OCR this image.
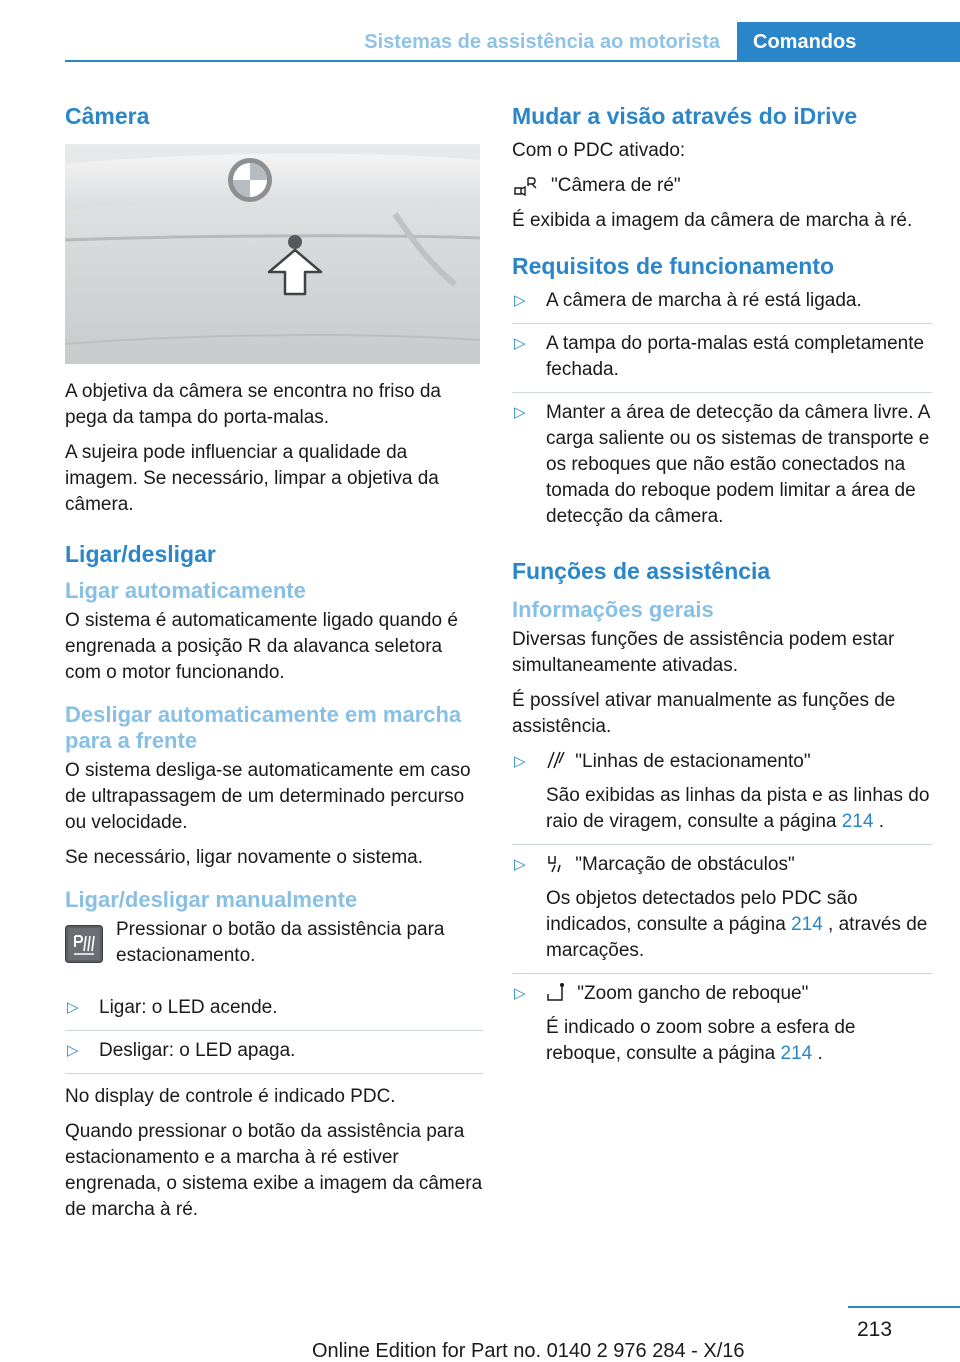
Sistemas de assistência ao motorista	Comandos
Câmera

A objetiva da câmera se encontra no friso da pega da tampa do porta-malas.

A sujeira pode influenciar a qualidade da imagem. Se necessário, limpar a objetiva da câmera.

Ligar/desligar
Ligar automaticamente

O sistema é automaticamente ligado quando é engrenada a posição R da alavanca seletora com o motor funcionando.

Desligar automaticamente em marcha para a frente

O sistema desliga-se automaticamente em caso de ultrapassagem de um determinado percurso ou velocidade.

Se necessário, ligar novamente o sistema.

Ligar/desligar manualmente

Pressionar o botão da assistência para estacionamento.

▷ Ligar: o LED acende.
▷ Desligar: o LED apaga.

No display de controle é indicado PDC.

Quando pressionar o botão da assistência para estacionamento e a marcha à ré estiver engrenada, o sistema exibe a imagem da câmera de marcha à ré.

Mudar a visão através do iDrive

Com o PDC ativado:

"Câmera de ré"

É exibida a imagem da câmera de marcha à ré.

Requisitos de funcionamento
▷ A câmera de marcha à ré está ligada.
▷ A tampa do porta-malas está completamente fechada.
▷ Manter a área de detecção da câmera livre. A carga saliente ou os sistemas de transporte e os reboques que não estão conectados na tomada do reboque podem limitar a área de detecção da câmera.
Funções de assistência
Informações gerais

Diversas funções de assistência podem estar simultaneamente ativadas.

É possível ativar manualmente as funções de assistência.

▷	"Linhas de estacionamento"
São exibidas as linhas da pista e as linhas do raio de viragem, consulte a página 214 .
▷	"Marcação de obstáculos"
Os objetos detectados pelo PDC são indicados, consulte a página 214 , através de marcações.
▷	"Zoom gancho de reboque"
É indicado o zoom sobre a esfera de reboque, consulte a página 214 .
213
Online Edition for Part no. 0140 2 976 284 - X/16
